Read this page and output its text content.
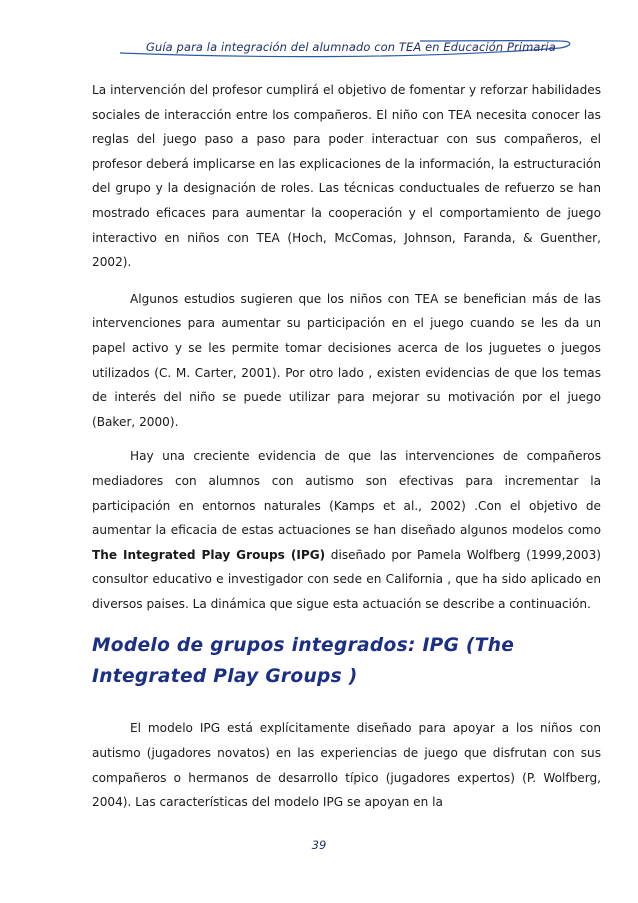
Guía para la integración del alumnado con TEA en Educación Primaria

La intervención del profesor cumplirá el objetivo de fomentar y reforzar habilidades sociales de interacción entre los compañeros. El niño con TEA necesita conocer las reglas del juego paso a paso para poder interactuar con sus compañeros, el profesor deberá implicarse en las explicaciones de la información, la estructuración del grupo y la designación de roles. Las técnicas conductuales de refuerzo se han mostrado eficaces para aumentar la cooperación y el comportamiento de juego interactivo en niños con TEA (Hoch, McComas, Johnson, Faranda, & Guenther, 2002).

Algunos estudios sugieren que los niños con TEA se benefician más de las intervenciones para aumentar su participación en el juego cuando se les da un papel activo y se les permite tomar decisiones acerca de los juguetes o juegos utilizados (C. M. Carter, 2001). Por otro lado , existen evidencias de que los temas de interés del niño se puede utilizar para mejorar su motivación por el juego (Baker, 2000).

Hay una creciente evidencia de que las intervenciones de compañeros mediadores con alumnos con autismo son efectivas para incrementar la participación en entornos naturales (Kamps et al., 2002) .Con el objetivo de aumentar la eficacia de estas actuaciones se han diseñado algunos modelos como The Integrated Play Groups (IPG) diseñado por Pamela Wolfberg (1999,2003) consultor educativo e investigador con sede en California , que ha sido aplicado en diversos paises. La dinámica que sigue esta actuación se describe a continuación.

Modelo de grupos integrados: IPG (The Integrated Play Groups )

El modelo IPG está explícitamente diseñado para apoyar a los niños con autismo (jugadores novatos) en las experiencias de juego que disfrutan con sus compañeros o hermanos de desarrollo típico (jugadores expertos) (P. Wolfberg, 2004). Las características del modelo IPG se apoyan en la

39
